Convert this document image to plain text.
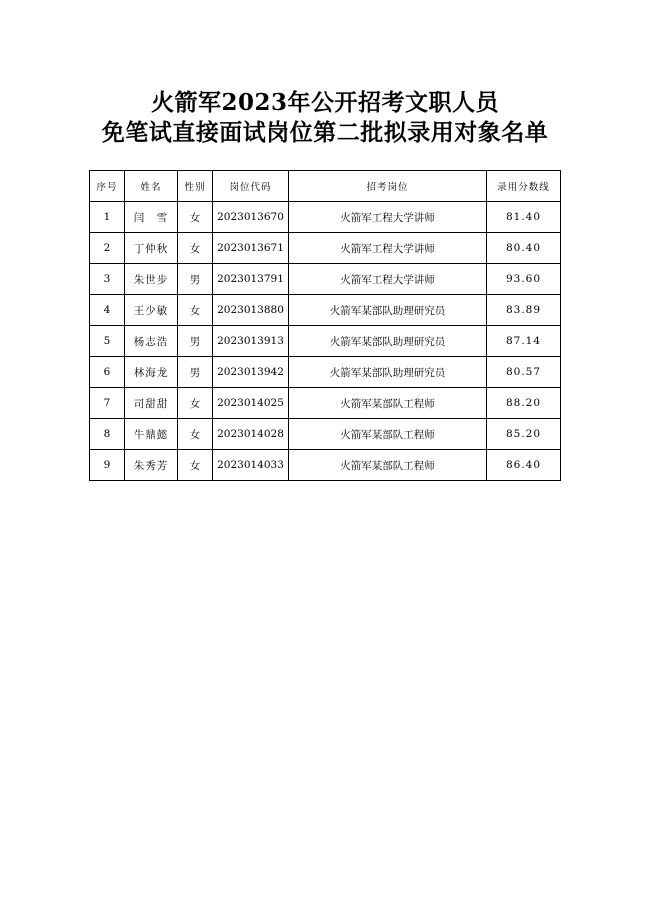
火箭军2023年公开招考文职人员
免笔试直接面试岗位第二批拟录用对象名单
序号	姓名	性别	岗位代码	招考岗位	录用分数线
1	闫　雪	女	2023013670	火箭军工程大学讲师	81.40
2	丁仲秋	女	2023013671	火箭军工程大学讲师	80.40
3	朱世步	男	2023013791	火箭军工程大学讲师	93.60
4	王少敏	女	2023013880	火箭军某部队助理研究员	83.89
5	杨志浩	男	2023013913	火箭军某部队助理研究员	87.14
6	林海龙	男	2023013942	火箭军某部队助理研究员	80.57
7	司甜甜	女	2023014025	火箭军某部队工程师	88.20
8	牛鼎懿	女	2023014028	火箭军某部队工程师	85.20
9	朱秀芳	女	2023014033	火箭军某部队工程师	86.40
